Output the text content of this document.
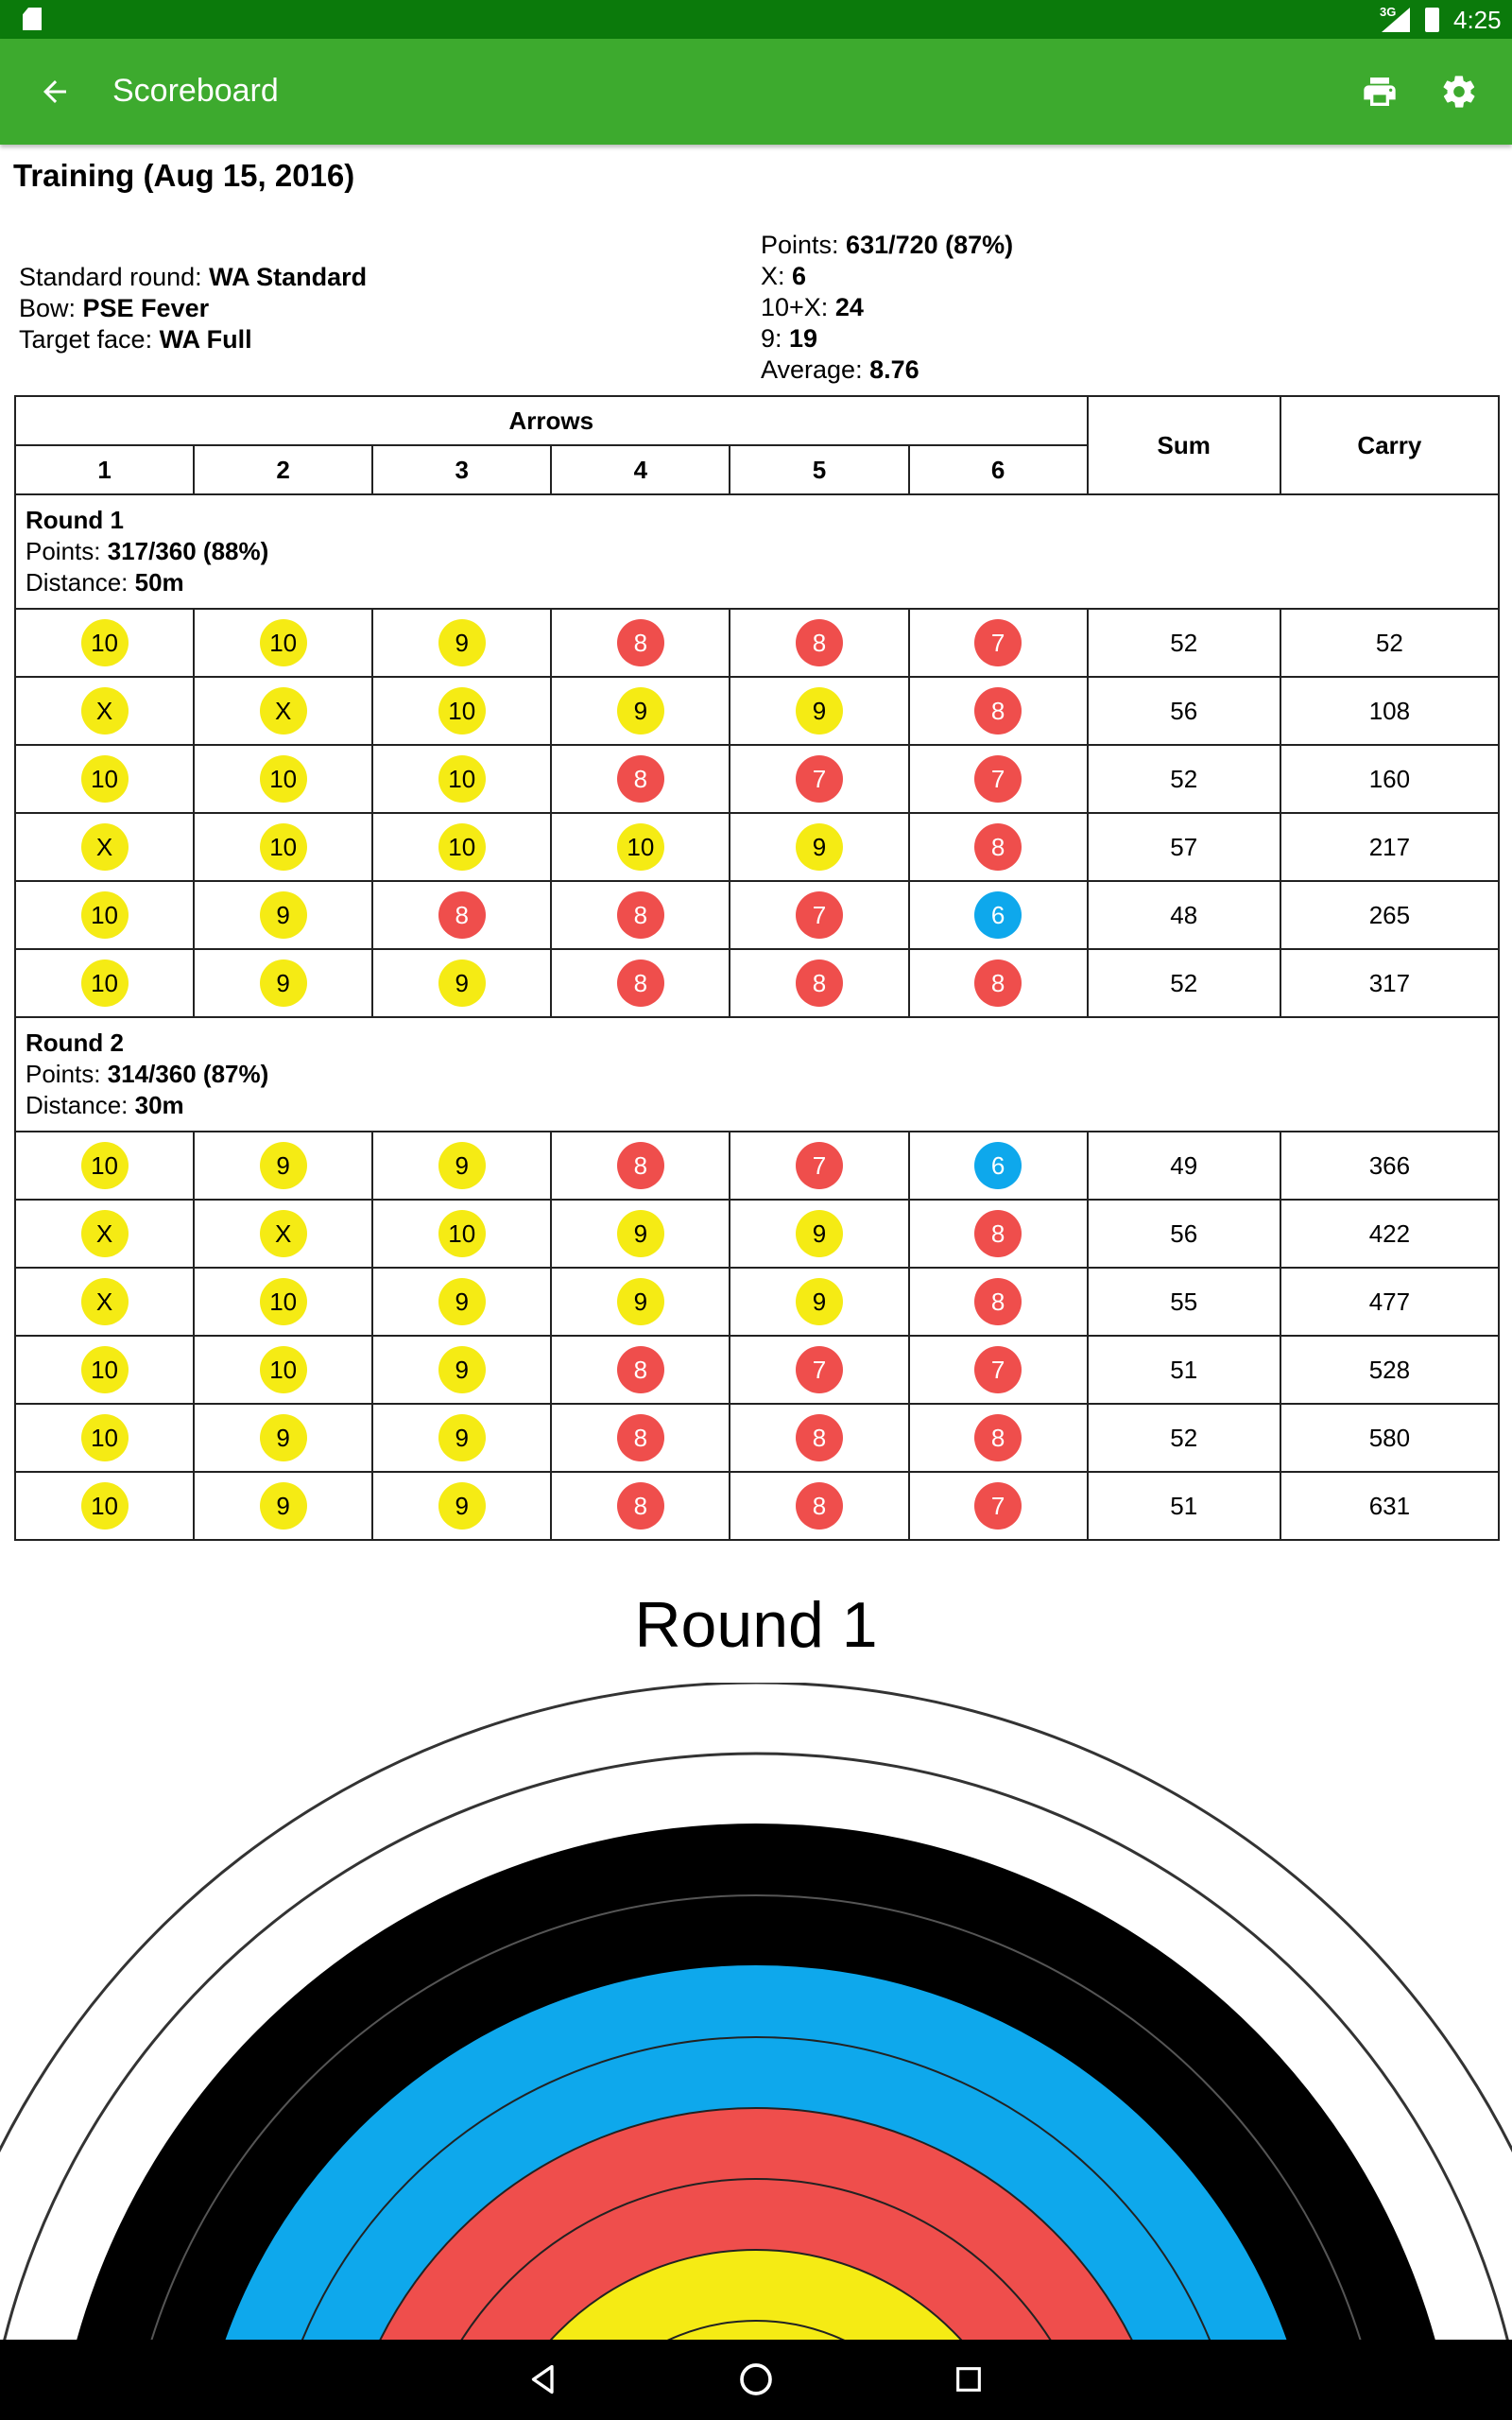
3G 4:25
Scoreboard
Training (Aug 15, 2016)
Standard round: WA Standard
Bow: PSE Fever
Target face: WA Full
Points: 631/720 (87%)
X: 6
10+X: 24
9: 19
Average: 8.76
Arrows						Sum	Carry
1	2	3	4	5	6		

Round 1
Points: 317/360 (88%)
Distance: 50m							

10	10	9	8	8	7	52	52
X	X	10	9	9	8	56	108
10	10	10	8	7	7	52	160
X	10	10	10	9	8	57	217
10	9	8	8	7	6	48	265
10	9	9	8	8	8	52	317

Round 2
Points: 314/360 (87%)
Distance: 30m							

10	9	9	8	7	6	49	366
X	X	10	9	9	8	56	422
X	10	9	9	9	8	55	477
10	10	9	8	7	7	51	528
10	9	9	8	8	8	52	580
10	9	9	8	8	7	51	631
Round 1
